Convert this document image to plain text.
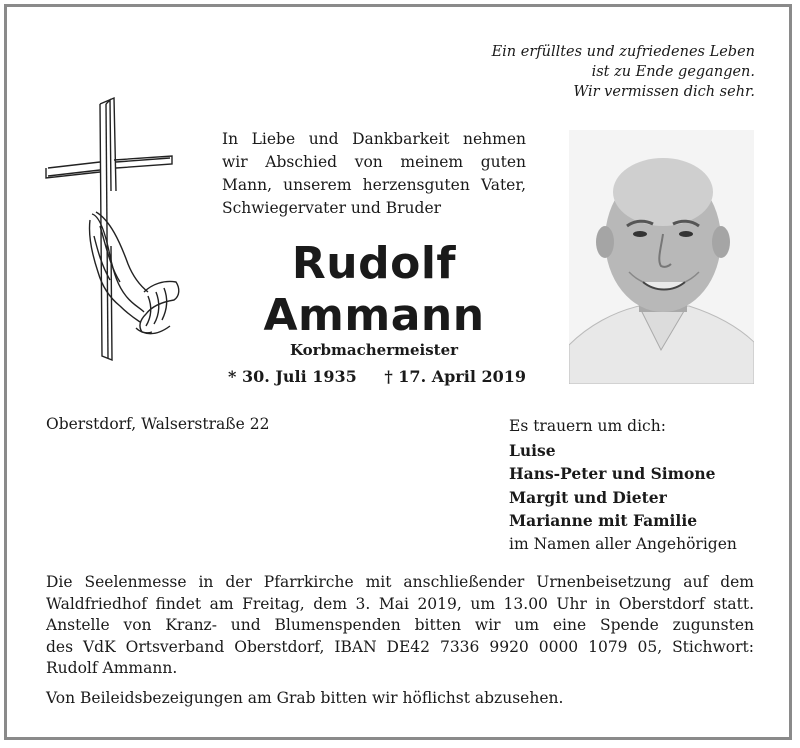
Ein erfülltes und zufriedenes Leben
ist zu Ende gegangen.
Wir vermissen dich sehr.
In Liebe und Dankbarkeit nehmen
wir Abschied von meinem guten
Mann, unserem herzensguten Vater,
Schwiegervater und Bruder
Rudolf
Ammann
Korbmachermeister
* 30. Juli 1935 † 17. April 2019
Oberstdorf, Walserstraße 22	Es trauern um dich:
Luise
Hans-Peter und Simone
Margit und Dieter
Marianne mit Familie
im Namen aller Angehörigen
Die Seelenmesse in der Pfarrkirche mit anschließender Urnenbeisetzung auf dem
Waldfriedhof findet am Freitag, dem 3. Mai 2019, um 13.00 Uhr in Oberstdorf statt.
Anstelle von Kranz- und Blumenspenden bitten wir um eine Spende zugunsten
des VdK Ortsverband Oberstdorf, IBAN DE42 7336 9920 0000 1079 05, Stichwort:
Rudolf Ammann.
Von Beileidsbezeigungen am Grab bitten wir höflichst abzusehen.
